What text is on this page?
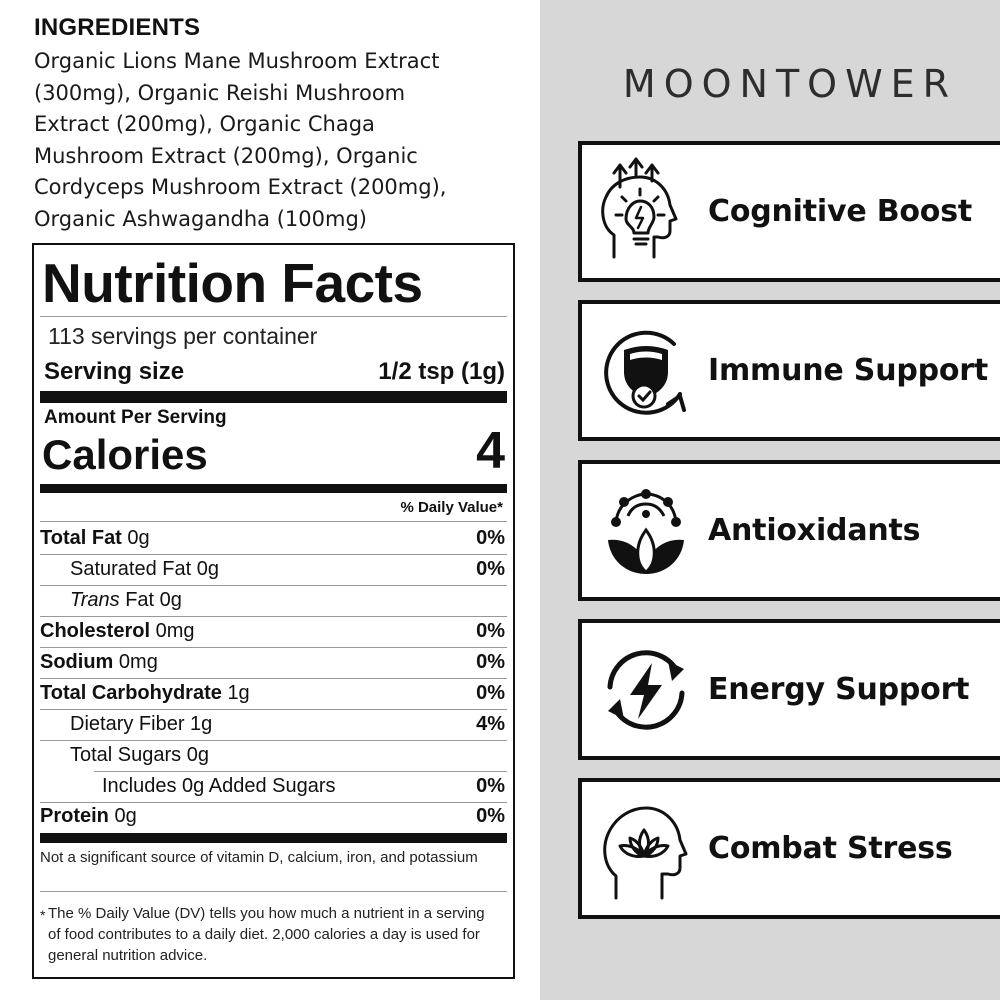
INGREDIENTS
Organic Lions Mane Mushroom Extract
(300mg), Organic Reishi Mushroom
Extract (200mg), Organic Chaga
Mushroom Extract (200mg), Organic
Cordyceps Mushroom Extract (200mg),
Organic Ashwagandha (100mg)
Nutrition Facts
113 servings per container
Serving size	1/2 tsp (1g)
Amount Per Serving
Calories	4
% Daily Value*
Total Fat 0g	0%
Saturated Fat 0g	0%
Trans Fat 0g
Cholesterol 0mg	0%
Sodium 0mg	0%
Total Carbohydrate 1g	0%
Dietary Fiber 1g	4%
Total Sugars 0g
Includes 0g Added Sugars	0%
Protein 0g	0%
Not a significant source of vitamin D, calcium, iron, and potassium
* The % Daily Value (DV) tells you how much a nutrient in a serving of food contributes to a daily diet. 2,000 calories a day is used for general nutrition advice.
MOONTOWER
Cognitive Boost
Immune Support
Antioxidants
Energy Support
Combat Stress
